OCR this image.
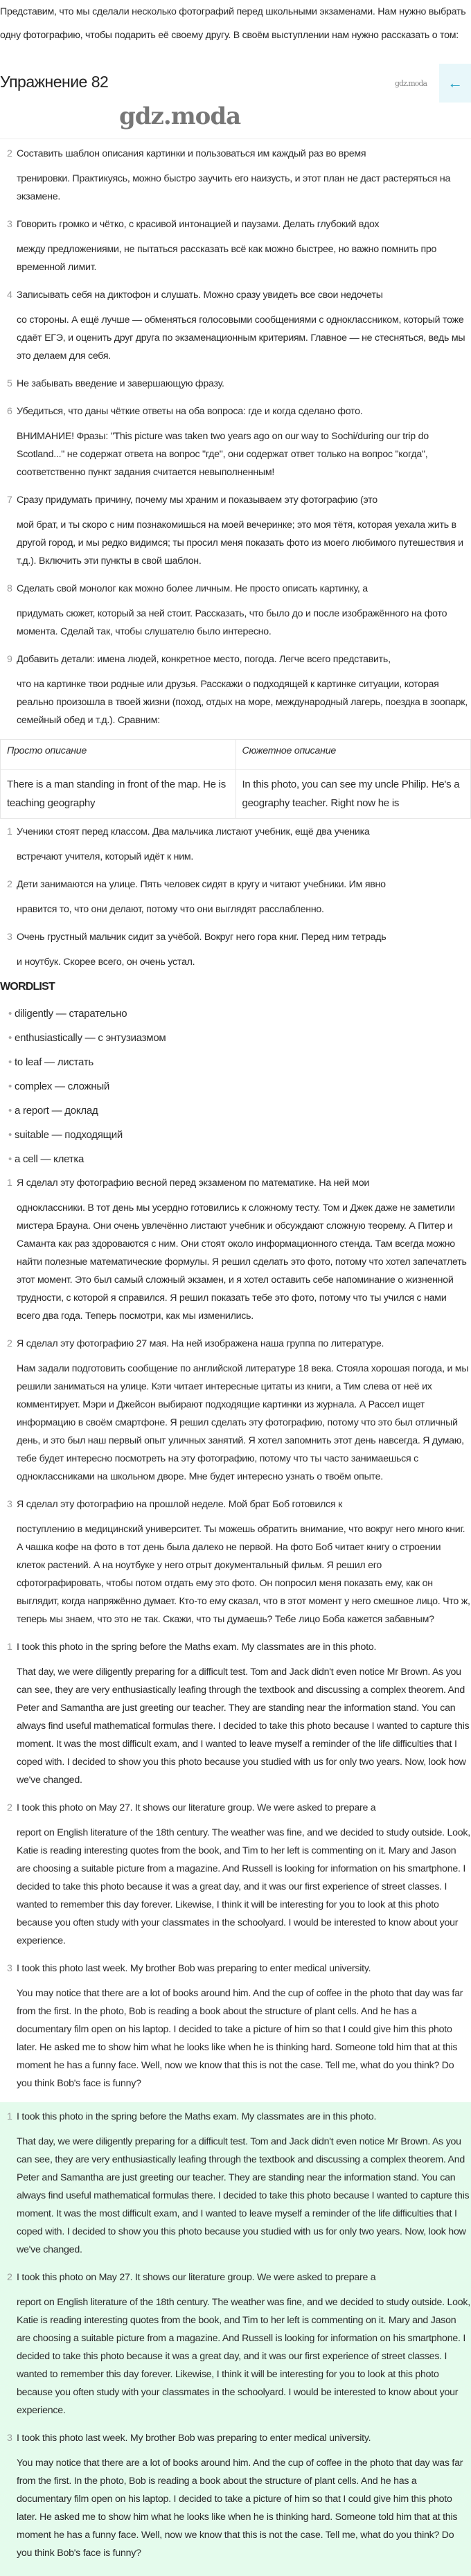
Представим, что мы сделали несколько фотографий перед школьными экзаменами. Нам нужно выбрать одну фотографию, чтобы подарить её своему другу. В своём выступлении нам нужно рассказать о том:

Упражнение 82	←
gdz.moda
gdz.moda
2 Составить шаблон описания картинки и пользоваться им каждый раз во время
тренировки. Практикуясь, можно быстро заучить его наизусть, и этот план не даст растеряться на экзамене.
3 Говорить громко и чётко, с красивой интонацией и паузами. Делать глубокий вдох
между предложениями, не пытаться рассказать всё как можно быстрее, но важно помнить про временной лимит.
4 Записывать себя на диктофон и слушать. Можно сразу увидеть все свои недочеты
со стороны. А ещё лучше — обменяться голосовыми сообщениями с одноклассником, который тоже сдаёт ЕГЭ, и оценить друг друга по экзаменационным критериям. Главное — не стесняться, ведь мы это делаем для себя.
5 Не забывать введение и завершающую фразу.
6 Убедиться, что даны чёткие ответы на оба вопроса: где и когда сделано фото.
ВНИМАНИЕ! Фразы: "This picture was taken two years ago on our way to Sochi/during our trip do Scotland..." не содержат ответа на вопрос "где", они содержат ответ только на вопрос "когда", соответственно пункт задания считается невыполненным!
7 Сразу придумать причину, почему мы храним и показываем эту фотографию (это
мой брат, и ты скоро с ним познакомишься на моей вечеринке; это моя тётя, которая уехала жить в другой город, и мы редко видимся; ты просил меня показать фото из моего любимого путешествия и т.д.). Включить эти пункты в свой шаблон.
8 Сделать свой монолог как можно более личным. Не просто описать картинку, а
придумать сюжет, который за ней стоит. Рассказать, что было до и после изображённого на фото момента. Сделай так, чтобы слушателю было интересно.
9 Добавить детали: имена людей, конкретное место, погода. Легче всего представить,
что на картинке твои родные или друзья. Расскажи о подходящей к картинке ситуации, которая реально произошла в твоей жизни (поход, отдых на море, международный лагерь, поездка в зоопарк, семейный обед и т.д.). Сравним:
Просто описание	Сюжетное описание

There is a man standing in front of the map. He is teaching geography	In this photo, you can see my uncle Philip. He's a geography teacher. Right now he is
1 Ученики стоят перед классом. Два мальчика листают учебник, ещё два ученика
встречают учителя, который идёт к ним.
2 Дети занимаются на улице. Пять человек сидят в кругу и читают учебники. Им явно
нравится то, что они делают, потому что они выглядят расслабленно.
3 Очень грустный мальчик сидит за учёбой. Вокруг него гора книг. Перед ним тетрадь
и ноутбук. Скорее всего, он очень устал.
WORDLIST
• diligently — старательно
• enthusiastically — с энтузиазмом
• to leaf — листать
• complex — сложный
• a report — доклад
• suitable — подходящий
• a cell — клетка
1 Я сделал эту фотографию весной перед экзаменом по математике. На ней мои
одноклассники. В тот день мы усердно готовились к сложному тесту. Том и Джек даже не заметили мистера Брауна. Они очень увлечённо листают учебник и обсуждают сложную теорему. А Питер и Саманта как раз здороваются с ним. Они стоят около информационного стенда. Там всегда можно найти полезные математические формулы. Я решил сделать это фото, потому что хотел запечатлеть этот момент. Это был самый сложный экзамен, и я хотел оставить себе напоминание о жизненной трудности, с которой я справился. Я решил показать тебе это фото, потому что ты учился с нами всего два года. Теперь посмотри, как мы изменились.
2 Я сделал эту фотографию 27 мая. На ней изображена наша группа по литературе.
Нам задали подготовить сообщение по английской литературе 18 века. Стояла хорошая погода, и мы решили заниматься на улице. Кэти читает интересные цитаты из книги, а Тим слева от неё их комментирует. Мэри и Джейсон выбирают подходящие картинки из журнала. А Рассел ищет информацию в своём смартфоне. Я решил сделать эту фотографию, потому что это был отличный день, и это был наш первый опыт уличных занятий. Я хотел запомнить этот день навсегда. Я думаю, тебе будет интересно посмотреть на эту фотографию, потому что ты часто занимаешься с одноклассниками на школьном дворе. Мне будет интересно узнать о твоём опыте.
3 Я сделал эту фотографию на прошлой неделе. Мой брат Боб готовился к
поступлению в медицинский университет. Ты можешь обратить внимание, что вокруг него много книг. А чашка кофе на фото в тот день была далеко не первой. На фото Боб читает книгу о строении клеток растений. А на ноутбуке у него отрыт документальный фильм. Я решил его сфотографировать, чтобы потом отдать ему это фото. Он попросил меня показать ему, как он выглядит, когда напряжённо думает. Кто-то ему сказал, что в этот момент у него смешное лицо. Что ж, теперь мы знаем, что это не так. Скажи, что ты думаешь? Тебе лицо Боба кажется забавным?
1 I took this photo in the spring before the Maths exam. My classmates are in this photo.
That day, we were diligently preparing for a difficult test. Tom and Jack didn't even notice Mr Brown. As you can see, they are very enthusiastically leafing through the textbook and discussing a complex theorem. And Peter and Samantha are just greeting our teacher. They are standing near the information stand. You can always find useful mathematical formulas there. I decided to take this photo because I wanted to capture this moment. It was the most difficult exam, and I wanted to leave myself a reminder of the life difficulties that I coped with. I decided to show you this photo because you studied with us for only two years. Now, look how we've changed.
2 I took this photo on May 27. It shows our literature group. We were asked to prepare a
report on English literature of the 18th century. The weather was fine, and we decided to study outside. Look, Katie is reading interesting quotes from the book, and Tim to her left is commenting on it. Mary and Jason are choosing a suitable picture from a magazine. And Russell is looking for information on his smartphone. I decided to take this photo because it was a great day, and it was our first experience of street classes. I wanted to remember this day forever. Likewise, I think it will be interesting for you to look at this photo because you often study with your classmates in the schoolyard. I would be interested to know about your experience.
3 I took this photo last week. My brother Bob was preparing to enter medical university.
You may notice that there are a lot of books around him. And the cup of coffee in the photo that day was far from the first. In the photo, Bob is reading a book about the structure of plant cells. And he has a documentary film open on his laptop. I decided to take a picture of him so that I could give him this photo later. He asked me to show him what he looks like when he is thinking hard. Someone told him that at this moment he has a funny face. Well, now we know that this is not the case. Tell me, what do you think? Do you think Bob's face is funny?
1 I took this photo in the spring before the Maths exam. My classmates are in this photo.
That day, we were diligently preparing for a difficult test. Tom and Jack didn't even notice Mr Brown. As you can see, they are very enthusiastically leafing through the textbook and discussing a complex theorem. And Peter and Samantha are just greeting our teacher. They are standing near the information stand. You can always find useful mathematical formulas there. I decided to take this photo because I wanted to capture this moment. It was the most difficult exam, and I wanted to leave myself a reminder of the life difficulties that I coped with. I decided to show you this photo because you studied with us for only two years. Now, look how we've changed.
2 I took this photo on May 27. It shows our literature group. We were asked to prepare a
report on English literature of the 18th century. The weather was fine, and we decided to study outside. Look, Katie is reading interesting quotes from the book, and Tim to her left is commenting on it. Mary and Jason are choosing a suitable picture from a magazine. And Russell is looking for information on his smartphone. I decided to take this photo because it was a great day, and it was our first experience of street classes. I wanted to remember this day forever. Likewise, I think it will be interesting for you to look at this photo because you often study with your classmates in the schoolyard. I would be interested to know about your experience.
3 I took this photo last week. My brother Bob was preparing to enter medical university.
You may notice that there are a lot of books around him. And the cup of coffee in the photo that day was far from the first. In the photo, Bob is reading a book about the structure of plant cells. And he has a documentary film open on his laptop. I decided to take a picture of him so that I could give him this photo later. He asked me to show him what he looks like when he is thinking hard. Someone told him that at this moment he has a funny face. Well, now we know that this is not the case. Tell me, what do you think? Do you think Bob's face is funny?
